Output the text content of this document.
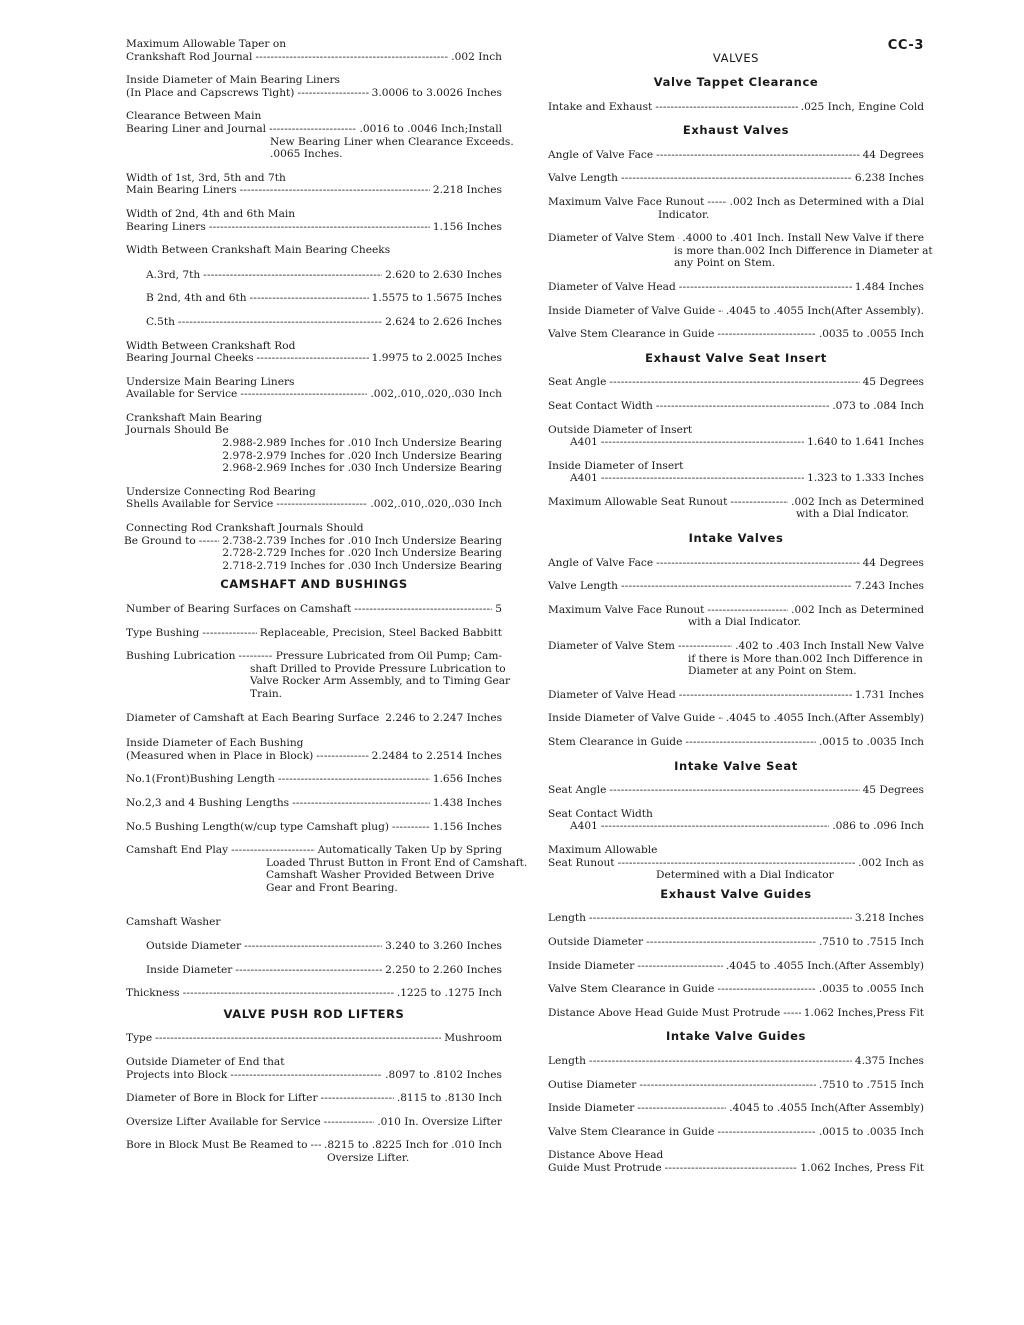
Maximum Allowable Taper on
Crankshaft Rod Journal -----	.002 Inch
Inside Diameter of Main Bearing Liners
(In Place and Capscrews Tight) -----	3.0006 to 3.0026 Inches
Clearance Between Main
Bearing Liner and Journal -----	.0016 to .0046 Inch;Install
New Bearing Liner when Clearance Exceeds.
.0065 Inches.
Width of 1st, 3rd, 5th and 7th
Main Bearing Liners -----	2.218 Inches
Width of 2nd, 4th and 6th Main
Bearing Liners -----	1.156 Inches
Width Between Crankshaft Main Bearing Cheeks
A.3rd, 7th -----	2.620 to 2.630 Inches
B 2nd, 4th and 6th -----	1.5575 to 1.5675 Inches
C.5th -----	2.624 to 2.626 Inches
Width Between Crankshaft Rod
Bearing Journal Cheeks -----	1.9975 to 2.0025 Inches
Undersize Main Bearing Liners
Available for Service -----	.002,.010,.020,.030 Inch
Crankshaft Main Bearing
Journals Should Be
2.988-2.989 Inches for .010 Inch Undersize Bearing
2.978-2.979 Inches for .020 Inch Undersize Bearing
2.968-2.969 Inches for .030 Inch Undersize Bearing
Undersize Connecting Rod Bearing
Shells Available for Service -----	.002,.010,.020,.030 Inch
Connecting Rod Crankshaft Journals Should
Be Ground to -----	2.738-2.739 Inches for .010 Inch Undersize Bearing
2.728-2.729 Inches for .020 Inch Undersize Bearing
2.718-2.719 Inches for .030 Inch Undersize Bearing
CAMSHAFT AND BUSHINGS
Number of Bearing Surfaces on Camshaft -----	5
Type Bushing -----	Replaceable, Precision, Steel Backed Babbitt
Bushing Lubrication -----	Pressure Lubricated from Oil Pump; Cam-
shaft Drilled to Provide Pressure Lubrication to
Valve Rocker Arm Assembly, and to Timing Gear
Train.
Diameter of Camshaft at Each Bearing Surface 2.246 to 2.247 Inches
Inside Diameter of Each Bushing
(Measured when in Place in Block) -----	2.2484 to 2.2514 Inches
No.1(Front)Bushing Length -----	1.656 Inches
No.2,3 and 4 Bushing Lengths -----	1.438 Inches
No.5 Bushing Length(w/cup type Camshaft plug) -----	1.156 Inches
Camshaft End Play -----	Automatically Taken Up by Spring
Loaded Thrust Button in Front End of Camshaft.
Camshaft Washer Provided Between Drive
Gear and Front Bearing.
Camshaft Washer
Outside Diameter -----	3.240 to 3.260 Inches
Inside Diameter -----	2.250 to 2.260 Inches
Thickness -----	.1225 to .1275 Inch
VALVE PUSH ROD LIFTERS
Type -----	Mushroom
Outside Diameter of End that
Projects into Block -----	.8097 to .8102 Inches
Diameter of Bore in Block for Lifter -----	.8115 to .8130 Inch
Oversize Lifter Available for Service -----	.010 In. Oversize Lifter
Bore in Block Must Be Reamed to ----- .8215 to .8225 Inch for .010 Inch
Oversize Lifter.
VALVES
CC-3
Valve Tappet Clearance
Intake and Exhaust -----	.025 Inch, Engine Cold
Exhaust Valves
Angle of Valve Face -----	44 Degrees
Valve Length -----	6.238 Inches
Maximum Valve Face Runout ----- .002 Inch as Determined with a Dial
Indicator.
Diameter of Valve Stem ----- .4000 to .401 Inch. Install New Valve if there
is more than.002 Inch Difference in Diameter at
any Point on Stem.
Diameter of Valve Head -----	1.484 Inches
Inside Diameter of Valve Guide ----- .4045 to .4055 Inch(After Assembly).
Valve Stem Clearance in Guide -----	.0035 to .0055 Inch
Exhaust Valve Seat Insert
Seat Angle -----	45 Degrees
Seat Contact Width -----	.073 to .084 Inch
Outside Diameter of Insert
A401 -----	1.640 to 1.641 Inches
Inside Diameter of Insert
A401 -----	1.323 to 1.333 Inches
Maximum Allowable Seat Runout -----	.002 Inch as Determined
with a Dial Indicator.
Intake Valves
Angle of Valve Face -----	44 Degrees
Valve Length -----	7.243 Inches
Maximum Valve Face Runout -----	.002 Inch as Determined
with a Dial Indicator.
Diameter of Valve Stem -----	.402 to .403 Inch Install New Valve
if there is More than.002 Inch Difference in
Diameter at any Point on Stem.
Diameter of Valve Head -----	1.731 Inches
Inside Diameter of Valve Guide ----- .4045 to .4055 Inch.(After Assembly)
Stem Clearance in Guide -----	.0015 to .0035 Inch
Intake Valve Seat
Seat Angle -----	45 Degrees
Seat Contact Width
A401 -----	.086 to .096 Inch
Maximum Allowable
Seat Runout -----	.002 Inch as
Determined with a Dial Indicator
Exhaust Valve Guides
Length -----	3.218 Inches
Outside Diameter -----	.7510 to .7515 Inch
Inside Diameter -----	.4045 to .4055 Inch.(After Assembly)
Valve Stem Clearance in Guide -----	.0035 to .0055 Inch
Distance Above Head Guide Must Protrude ----- 1.062 Inches,Press Fit
Intake Valve Guides
Length -----	4.375 Inches
Outise Diameter -----	.7510 to .7515 Inch
Inside Diameter -----	.4045 to .4055 Inch(After Assembly)
Valve Stem Clearance in Guide -----	.0015 to .0035 Inch
Distance Above Head
Guide Must Protrude -----	1.062 Inches, Press Fit
